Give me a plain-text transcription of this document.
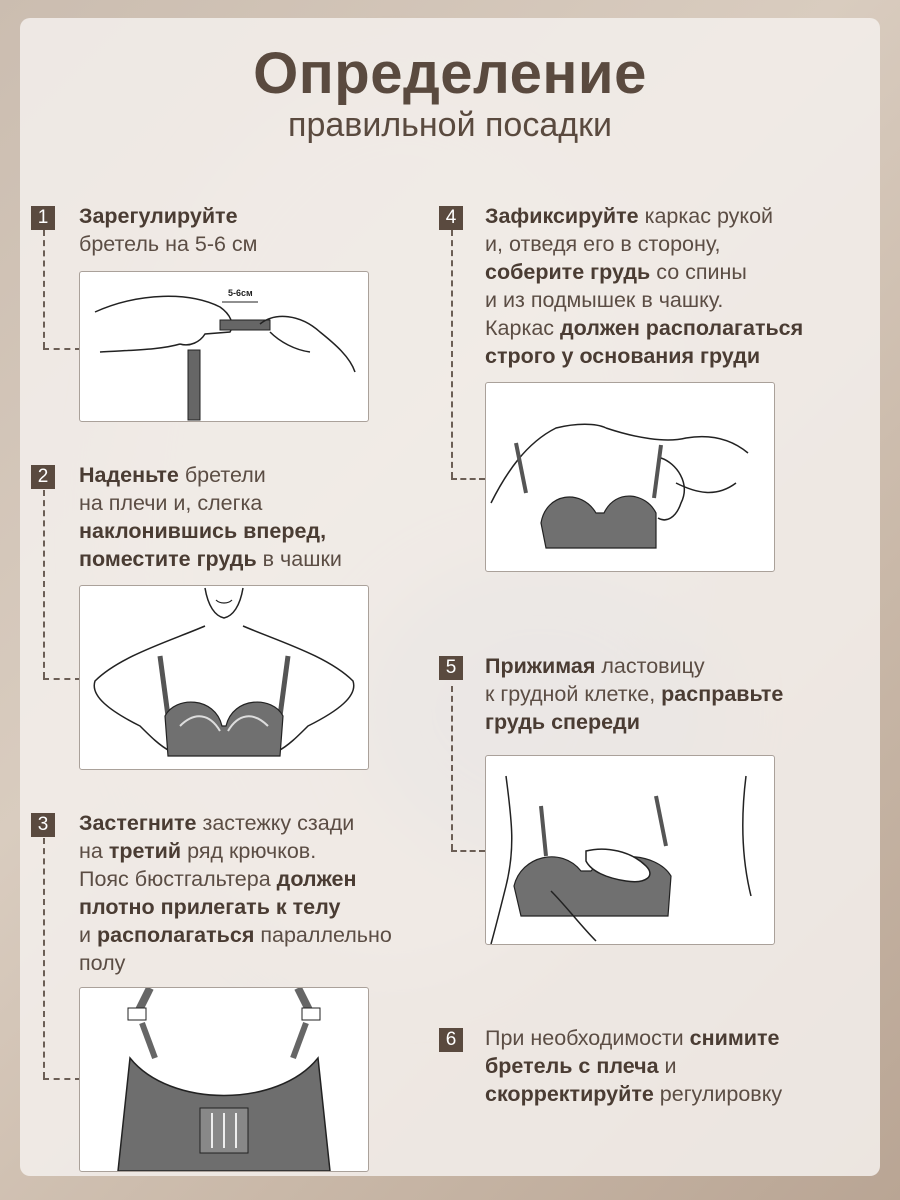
Определение
правильной посадки
1
2
3
4
5
6
Зарегулируйте
бретель на 5-6 см
Наденьте бретели
на плечи и, слегка
наклонившись вперед,
поместите грудь в чашки
Застегните застежку сзади
на третий ряд крючков.
Пояс бюстгальтера должен
плотно прилегать к телу
и располагаться параллельно
полу
Зафиксируйте каркас рукой
и, отведя его в сторону,
соберите грудь со спины
и из подмышек в чашку.
Каркас должен располагаться
строго у основания груди
Прижимая ластовицу
к грудной клетке, расправьте
грудь спереди
При необходимости снимите
бретель с плеча и
скорректируйте регулировку
5-6см
